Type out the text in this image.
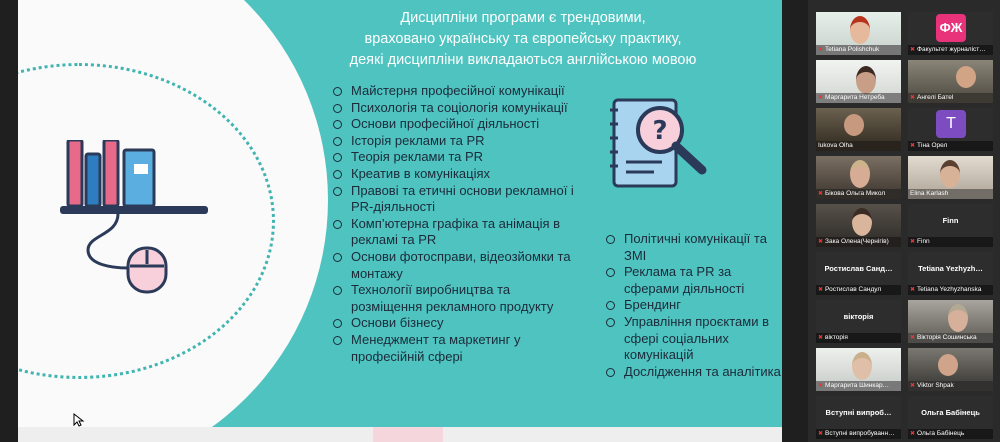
Дисципліни програми є трендовими,
враховано українську та європейську практику,
деякі дисципліни викладаються англійською мовою
Майстерня професійної комунікації
Психологія та соціологія комунікації
Основи професійної діяльності
Історія реклами та PR
Теорія реклами та PR
Креатив в комунікаціях
Правові та етичні основи рекламної і PR-діяльності
Комп’ютерна графіка та анімація в рекламі та PR
Основи фотосправи, відеозйомки та монтажу
Технології виробництва та розміщення рекламного продукту
Основи бізнесу
Менеджмент та маркетинг у професійній сфері
?
Політичні комунікації та ЗМІ
Реклама та PR за сферами діяльності
Брендинг
Управління проєктами в сфері соціальних комунікацій
Дослідження та аналітика
✖ Tetiana Polishchuk
ФЖ
✖ Факультет журналіст…
✖ Маргарита Нетреба	✖ Ангелі Батеl
Iukova Olha
Т
✖ Тіна Орел
✖ Бікова Ольга Микол	Elina Karlash
✖ Зака Олена(Чернігів)
Finn
✖ Finn
Ростислав Санд…
✖ Ростислав Сандул
Tetiana Yezhyzh…
✖ Tetiana Yezhyzhanska
вікторія
✖ вікторія	✖ Вікторія Сошинська
✖ Маргарита Шинкар…	✖ Viktor Shpak
Вступні випроб…
✖ Вступні випробуванн…
Ольга Бабінець
✖ Ольга Бабінець
